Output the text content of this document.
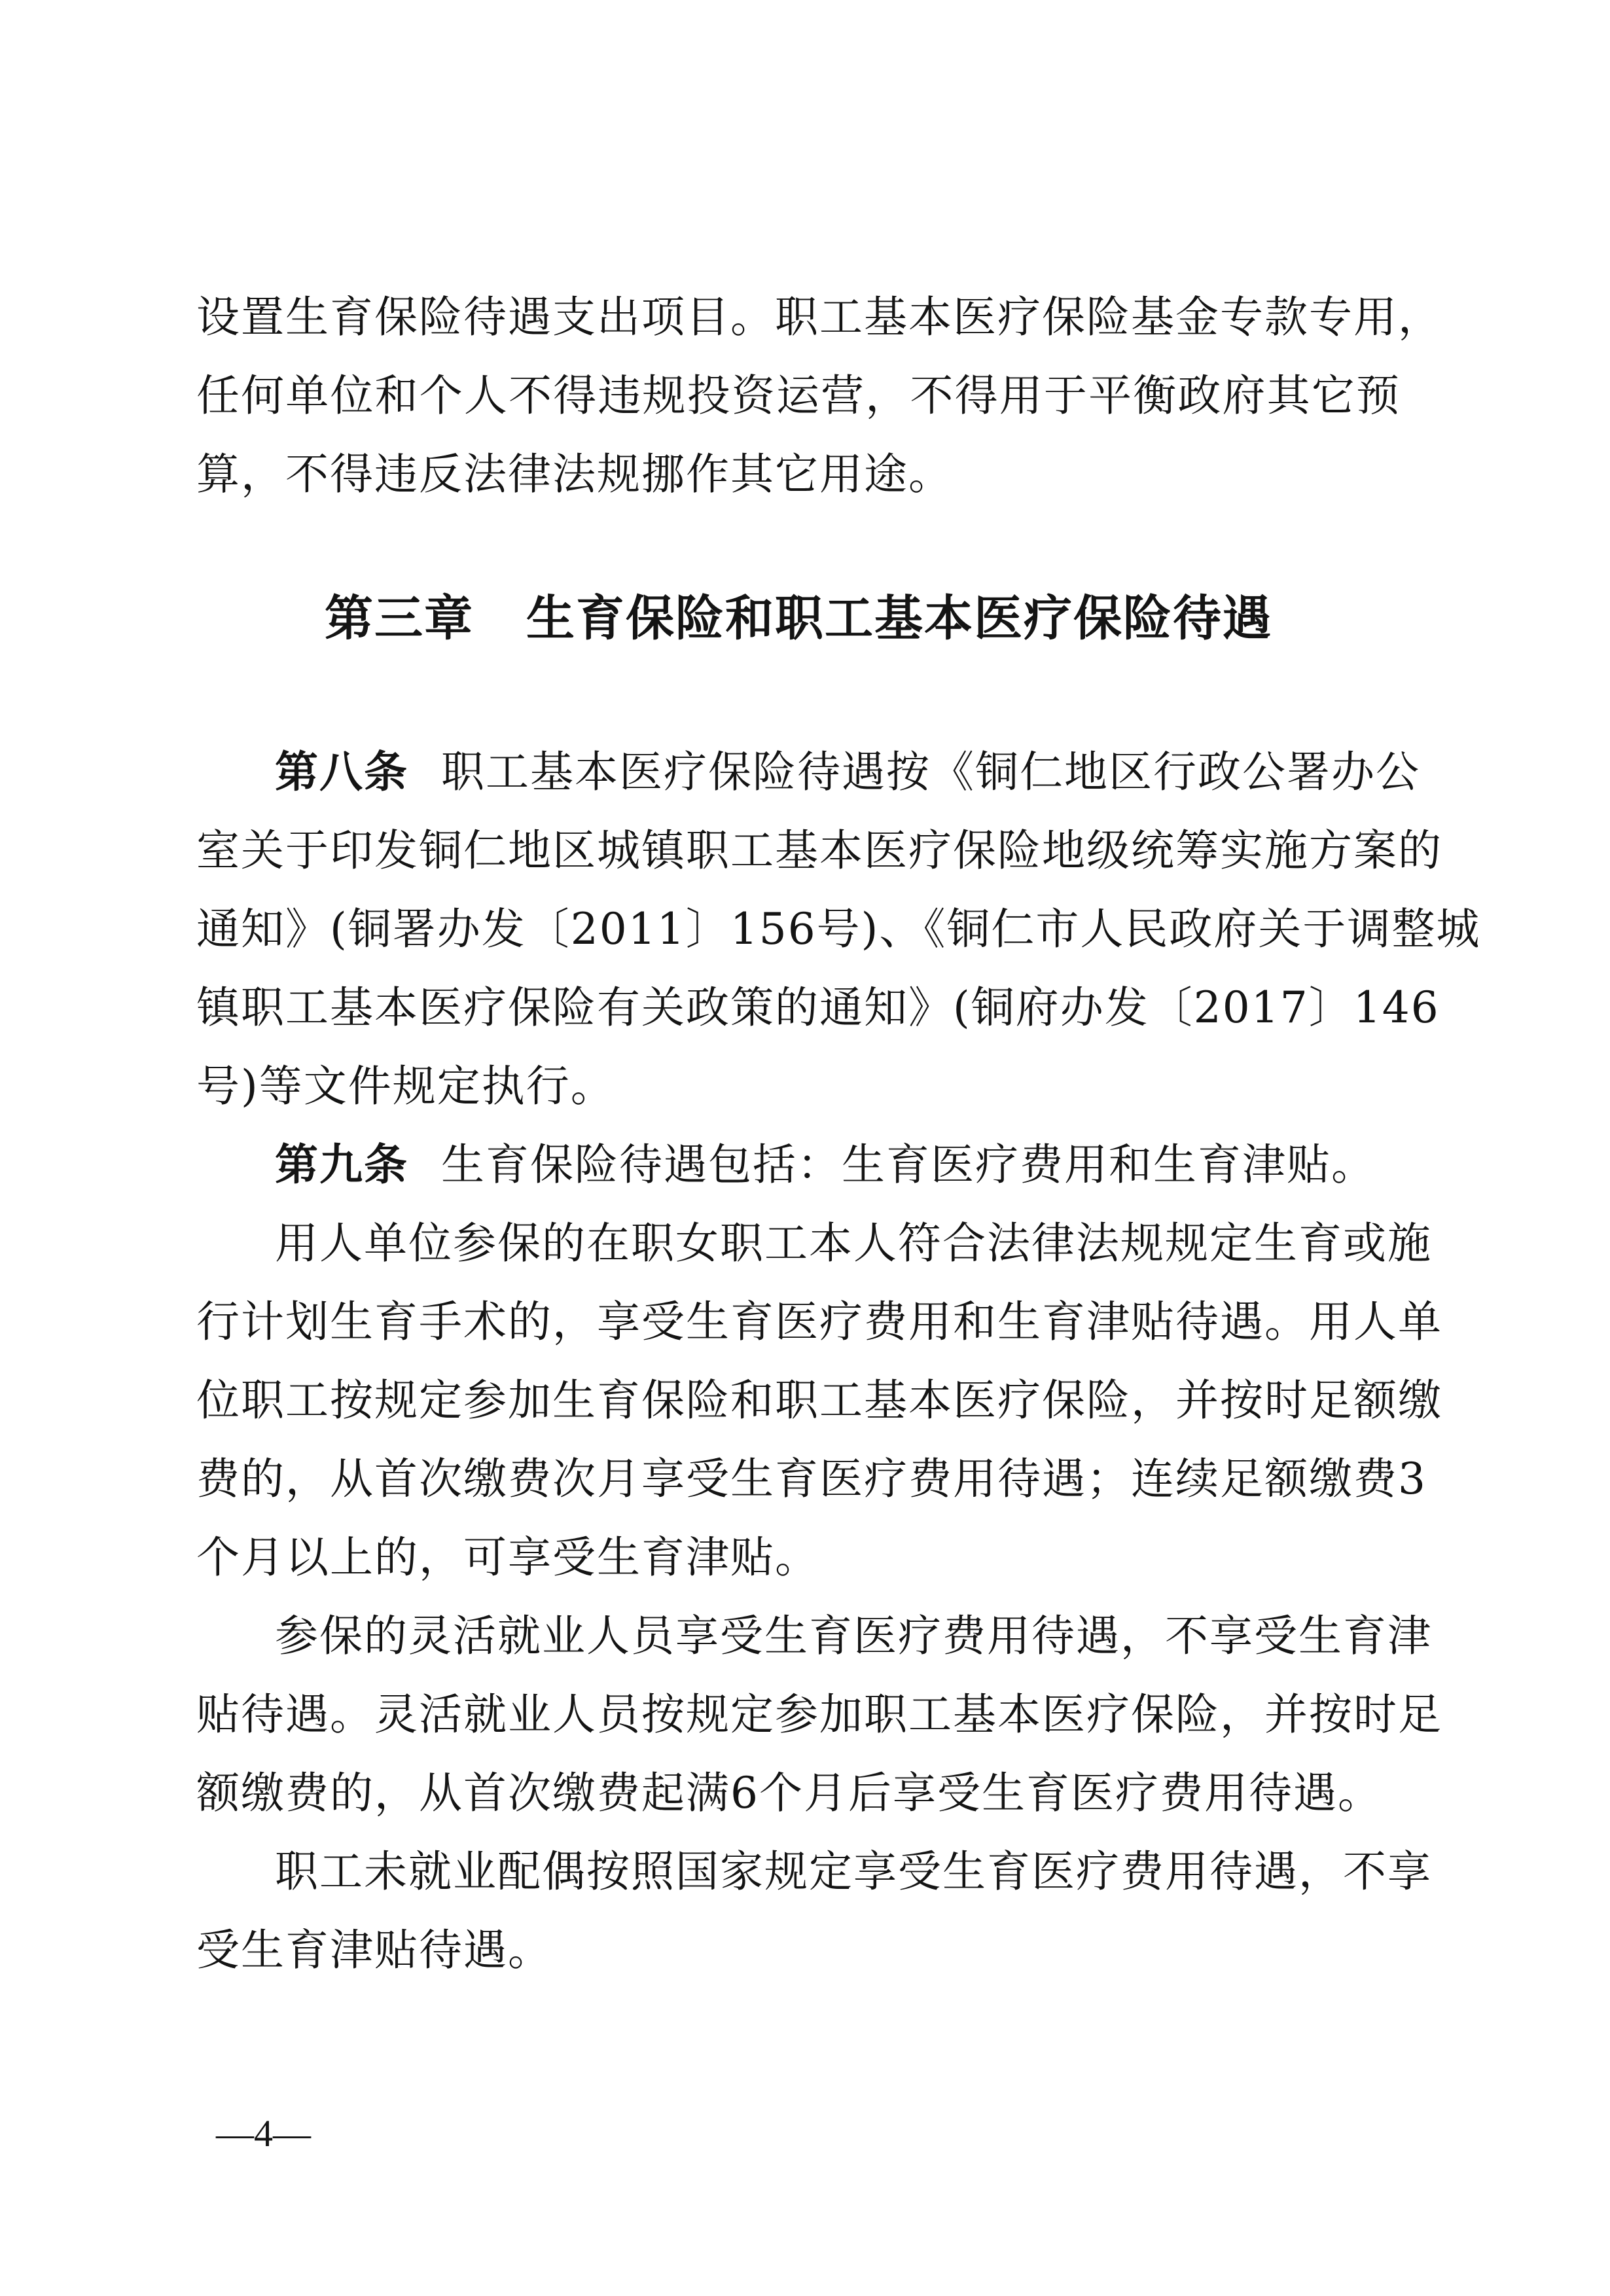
设置生育保险待遇支出项目。职工基本医疗保险基金专款专用，
任何单位和个人不得违规投资运营，不得用于平衡政府其它预
算，不得违反法律法规挪作其它用途。
第三章 生育保险和职工基本医疗保险待遇
第八条 职工基本医疗保险待遇按《铜仁地区行政公署办公
室关于印发铜仁地区城镇职工基本医疗保险地级统筹实施方案的
通知》(铜署办发〔2011〕156号)、《铜仁市人民政府关于调整城
镇职工基本医疗保险有关政策的通知》(铜府办发〔2017〕146
号)等文件规定执行。
第九条 生育保险待遇包括：生育医疗费用和生育津贴。
用人单位参保的在职女职工本人符合法律法规规定生育或施
行计划生育手术的，享受生育医疗费用和生育津贴待遇。用人单
位职工按规定参加生育保险和职工基本医疗保险，并按时足额缴
费的，从首次缴费次月享受生育医疗费用待遇；连续足额缴费3
个月以上的，可享受生育津贴。
参保的灵活就业人员享受生育医疗费用待遇，不享受生育津
贴待遇。灵活就业人员按规定参加职工基本医疗保险，并按时足
额缴费的，从首次缴费起满6个月后享受生育医疗费用待遇。
职工未就业配偶按照国家规定享受生育医疗费用待遇，不享
受生育津贴待遇。
—4—
